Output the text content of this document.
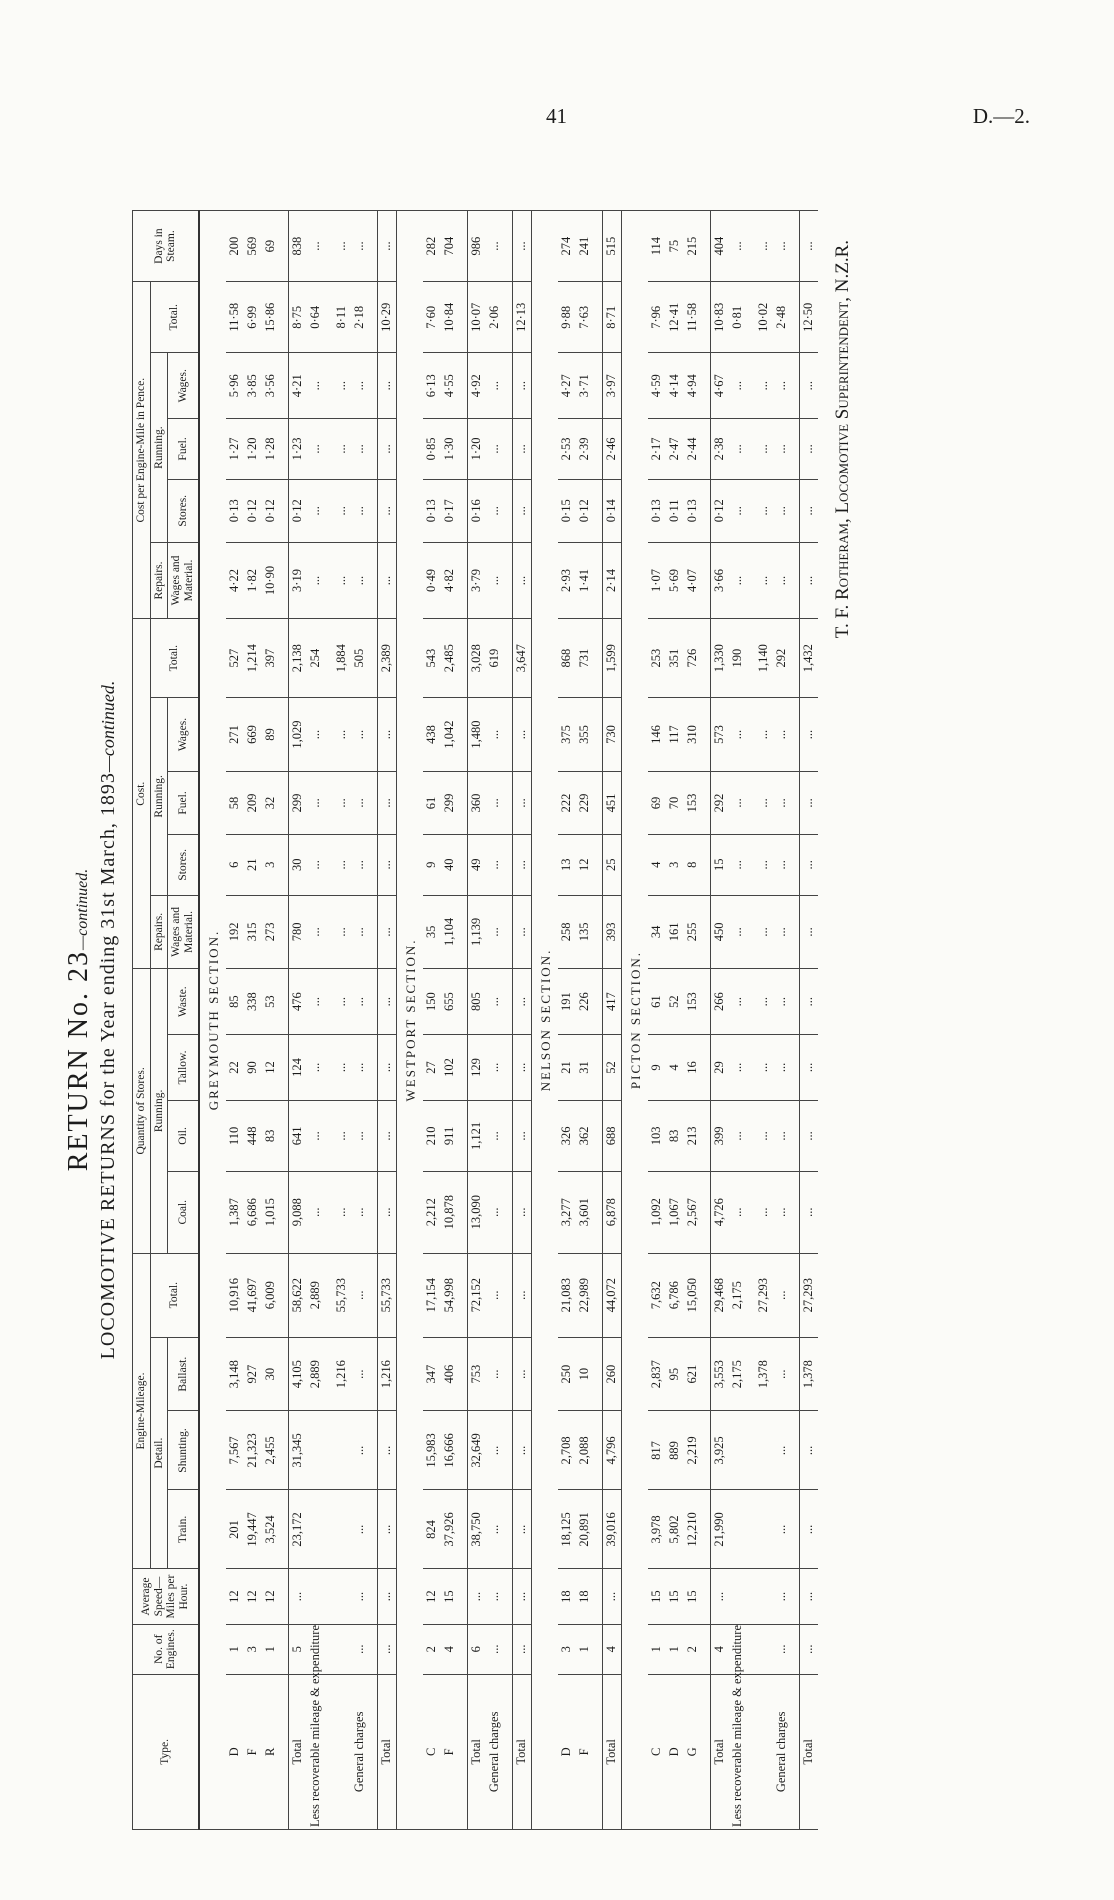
41	D.—2.
RETURN No. 23—continued. LOCOMOTIVE RETURNS for the Year ending 31st March, 1893—continued.
Type.	No. of Engines.	Average Speed—Miles per Hour.	Engine-Mileage.				Quantity of Stores.				Cost.					Cost per Engine-Mile in Pence.					Days in Steam.
			Detail.			Total.	Running.				Repairs.	Running.			Total.	Repairs.	Running.			Total.	
			Train.	Shunting.	Ballast.		Coal.	Oil.	Tallow.	Waste.	Wages and Material.	Stores.	Fuel.	Wages.		Wages and Material.	Stores.	Fuel.	Wages.		
GREYMOUTH SECTION.																					
D	1	12	201	7,567	3,148	10,916	1,387	110	22	85	192	6	58	271	527	4·22	0·13	1·27	5·96	11·58	200
F	3	12	19,447	21,323	927	41,697	6,686	448	90	338	315	21	209	669	1,214	1·82	0·12	1·20	3·85	6·99	569
R	1	12	3,524	2,455	30	6,009	1,015	83	12	53	273	3	32	89	397	10·90	0·12	1·28	3·56	15·86	69

Total	5	...	23,172	31,345	4,105	58,622	9,088	641	124	476	780	30	299	1,029	2,138	3·19	0·12	1·23	4·21	8·75	838
Less recoverable mileage & expenditure					2,889	2,889	...	...	...	...	...	...	...	...	254	...	...	...	...	0·64	...

					1,216	55,733	...	...	...	...	...	...	...	...	1,884	...	...	...	...	8·11	...
General charges	...	...	...	...	...	...	...	...	...	...	...	...	...	...	505	...	...	...	...	2·18	...

Total	...	...	...	...	1,216	55,733	...	...	...	...	...	...	...	...	2,389	...	...	...	...	10·29	...
WESTPORT SECTION.																					
C	2	12	824	15,983	347	17,154	2,212	210	27	150	35	9	61	438	543	0·49	0·13	0·85	6·13	7·60	282
F	4	15	37,926	16,666	406	54,998	10,878	911	102	655	1,104	40	299	1,042	2,485	4·82	0·17	1·30	4·55	10·84	704

Total	6	...	38,750	32,649	753	72,152	13,090	1,121	129	805	1,139	49	360	1,480	3,028	3·79	0·16	1·20	4·92	10·07	986
General charges	...	...	...	...	...	...	...	...	...	...	...	...	...	...	619	...	...	...	...	2·06	...

Total	...	...	...	...	...	...	...	...	...	...	...	...	...	...	3,647	...	...	...	...	12·13	...
NELSON SECTION.																					
D	3	18	18,125	2,708	250	21,083	3,277	326	21	191	258	13	222	375	868	2·93	0·15	2·53	4·27	9·88	274
F	1	18	20,891	2,088	10	22,989	3,601	362	31	226	135	12	229	355	731	1·41	0·12	2·39	3·71	7·63	241

Total	4	...	39,016	4,796	260	44,072	6,878	688	52	417	393	25	451	730	1,599	2·14	0·14	2·46	3·97	8·71	515
PICTON SECTION.																					
C	1	15	3,978	817	2,837	7,632	1,092	103	9	61	34	4	69	146	253	1·07	0·13	2·17	4·59	7·96	114
D	1	15	5,802	889	95	6,786	1,067	83	4	52	161	3	70	117	351	5·69	0·11	2·47	4·14	12·41	75
G	2	15	12,210	2,219	621	15,050	2,567	213	16	153	255	8	153	310	726	4·07	0·13	2·44	4·94	11·58	215

Total	4	...	21,990	3,925	3,553	29,468	4,726	399	29	266	450	15	292	573	1,330	3·66	0·12	2·38	4·67	10·83	404
Less recoverable mileage & expenditure					2,175	2,175	...	...	...	...	...	...	...	...	190	...	...	...	...	0·81	...

					1,378	27,293	...	...	...	...	...	...	...	...	1,140	...	...	...	...	10·02	...
General charges	...	...	...	...	...	...	...	...	...	...	...	...	...	...	292	...	...	...	...	2·48	...

Total	...	...	...	...	1,378	27,293	...	...	...	...	...	...	...	...	1,432	...	...	...	...	12·50	... T. F. Rotheram, Locomotive Superintendent, N.Z.R.
